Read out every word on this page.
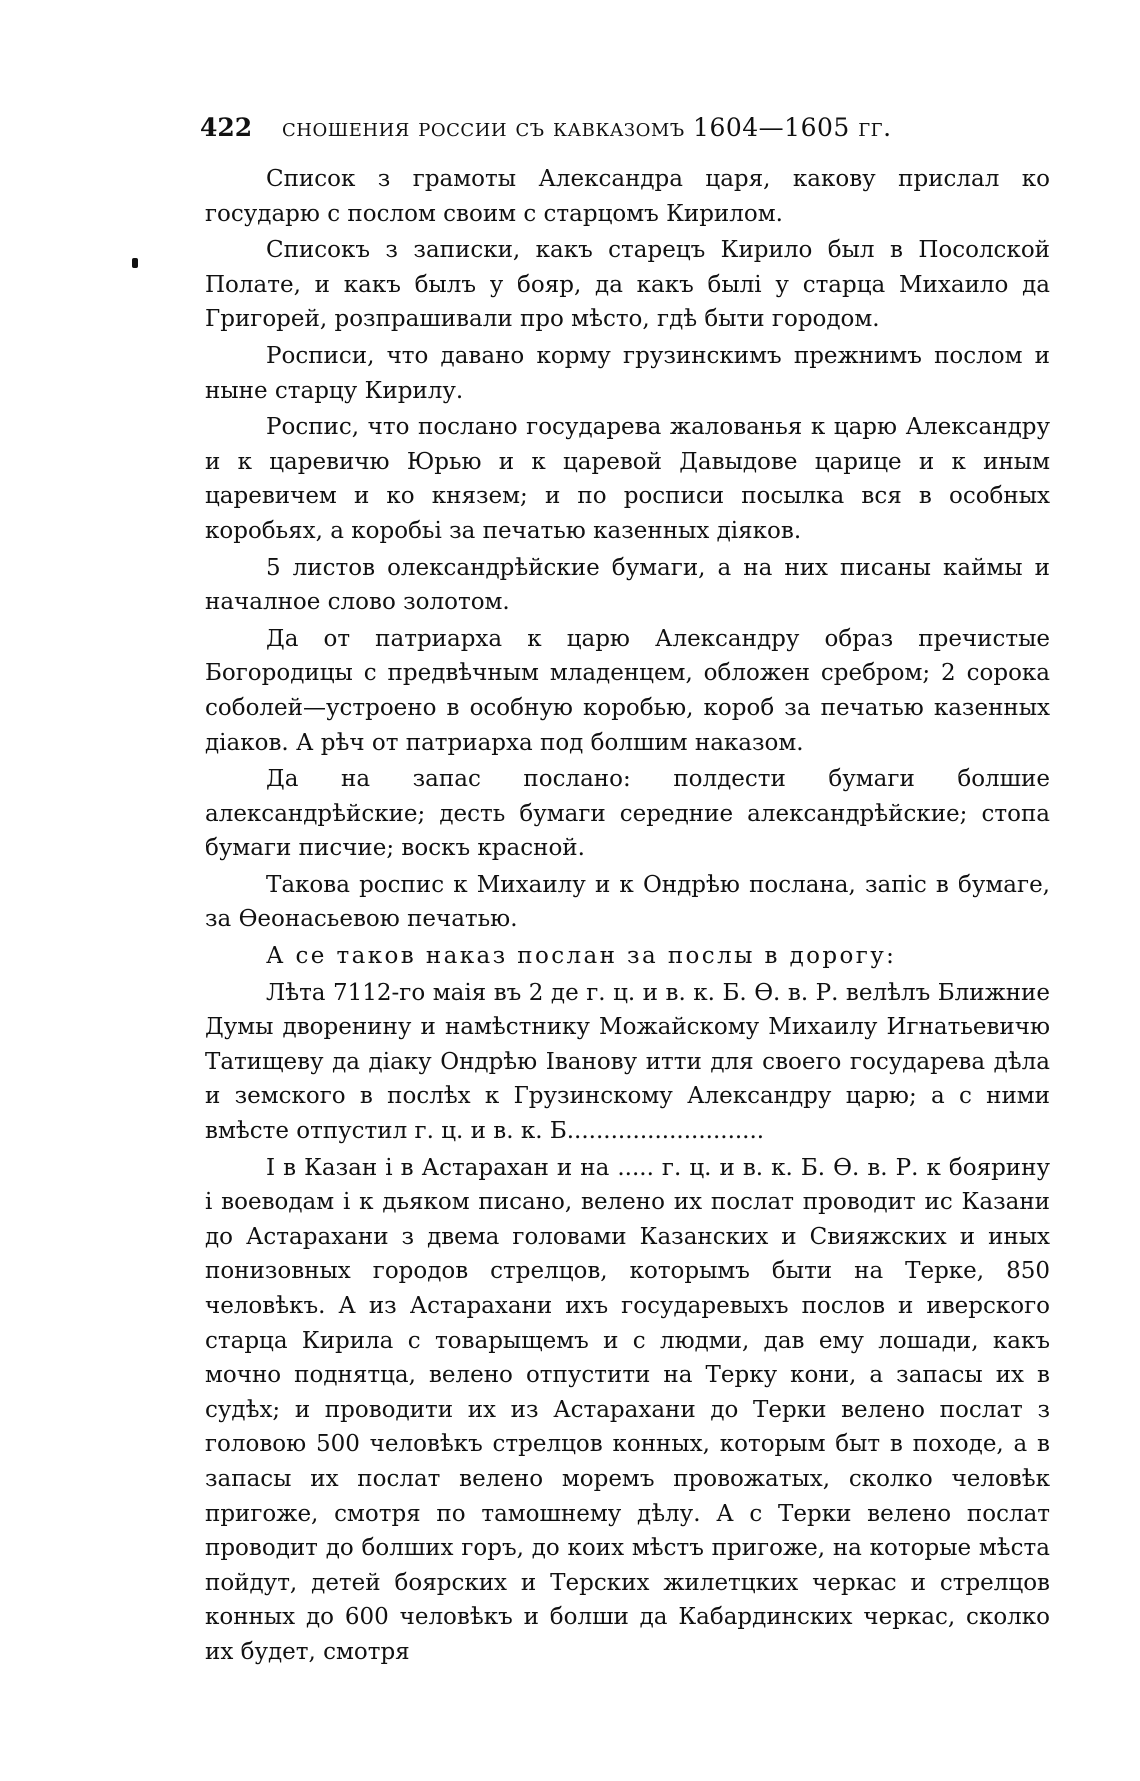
422 сношения россии съ кавказомъ 1604—1605 гг.

Список з грамоты Александра царя, какову прислал ко государю с послом своим с старцомъ Кирилом.

Списокъ з записки, какъ старецъ Кирило был в Посолской Полате, и какъ былъ у бояр, да какъ былі у старца Михаило да Григорей, розпрашивали про мѣсто, гдѣ быти городом.

Росписи, что давано корму грузинскимъ прежнимъ послом и ныне старцу Кирилу.

Роспис, что послано государева жалованья к царю Александру и к царевичю Юрью и к царевой Давыдове царице и к иным царевичем и ко князем; и по росписи посылка вся в особных коробьях, а коробьі за печатью казенных діяков.

5 листов олександрѣйские бумаги, а на них писаны каймы и началное слово золотом.

Да от патриарха к царю Александру образ пречистые Богородицы с предвѣчным младенцем, обложен сребром; 2 сорока соболей—устроено в особную коробью, короб за печатью казенных діаков. А рѣч от патриарха под болшим наказом.

Да на запас послано: полдести бумаги болшие александрѣйские; десть бумаги середние александрѣйские; стопа бумаги писчие; воскъ красной.

Такова роспис к Михаилу и к Ондрѣю послана, запіс в бумаге, за Өеонасьевою печатью.

А се таков наказ послан за послы в дорогу:

Лѣта 7112-го маія въ 2 де г. ц. и в. к. Б. Ө. в. Р. велѣлъ Ближние Думы дворенину и намѣстнику Можайскому Михаилу Игнатьевичю Татищеву да діаку Ондрѣю Іванову итти для своего государева дѣла и земского в послѣх к Грузинскому Александру царю; а с ними вмѣсте отпустил г. ц. и в. к. Б...........................

І в Казан і в Астарахан и на ..... г. ц. и в. к. Б. Ө. в. Р. к боярину і воеводам і к дьяком писано, велено их послат проводит ис Казани до Астарахани з двема головами Казанских и Свияжских и иных понизовных городов стрелцов, которымъ быти на Терке, 850 человѣкъ. А из Астарахани ихъ государевыхъ послов и иверского старца Кирила с товарыщемъ и с людми, дав ему лошади, какъ мочно поднятца, велено отпустити на Терку кони, а запасы их в судѣх; и проводити их из Астарахани до Терки велено послат з головою 500 человѣкъ стрелцов конных, которым быт в походе, а в запасы их послат велено моремъ провожатых, сколко человѣк пригоже, смотря по тамошнему дѣлу. А с Терки велено послат проводит до болших горъ, до коих мѣстъ пригоже, на которые мѣста пойдут, детей боярских и Терских жилетцких черкас и стрелцов конных до 600 человѣкъ и болши да Кабардинских черкас, сколко их будет, смотря
